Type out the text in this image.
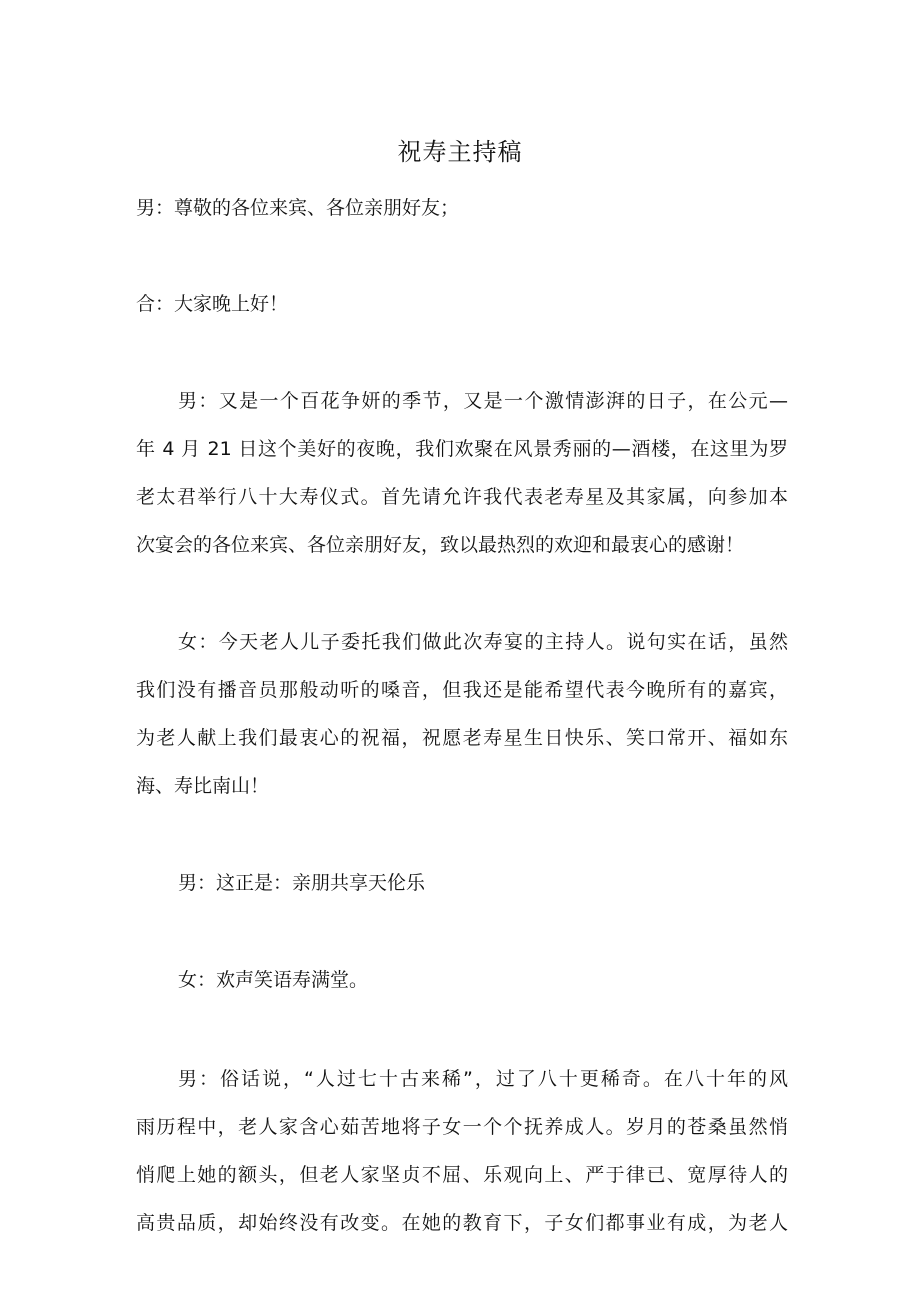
祝寿主持稿
男：尊敬的各位来宾、各位亲朋好友；
合：大家晚上好！
男：又是一个百花争妍的季节，又是一个激情澎湃的日子，在公元—
年 4 月 21 日这个美好的夜晚，我们欢聚在风景秀丽的—酒楼，在这里为罗
老太君举行八十大寿仪式。首先请允许我代表老寿星及其家属，向参加本
次宴会的各位来宾、各位亲朋好友，致以最热烈的欢迎和最衷心的感谢！
女：今天老人儿子委托我们做此次寿宴的主持人。说句实在话，虽然
我们没有播音员那般动听的嗓音，但我还是能希望代表今晚所有的嘉宾，
为老人献上我们最衷心的祝福，祝愿老寿星生日快乐、笑口常开、福如东
海、寿比南山！
男：这正是：亲朋共享天伦乐
女：欢声笑语寿满堂。
男：俗话说，“人过七十古来稀”，过了八十更稀奇。在八十年的风
雨历程中，老人家含心茹苦地将子女一个个抚养成人。岁月的苍桑虽然悄
悄爬上她的额头，但老人家坚贞不屈、乐观向上、严于律已、宽厚待人的
高贵品质，却始终没有改变。在她的教育下，子女们都事业有成，为老人
